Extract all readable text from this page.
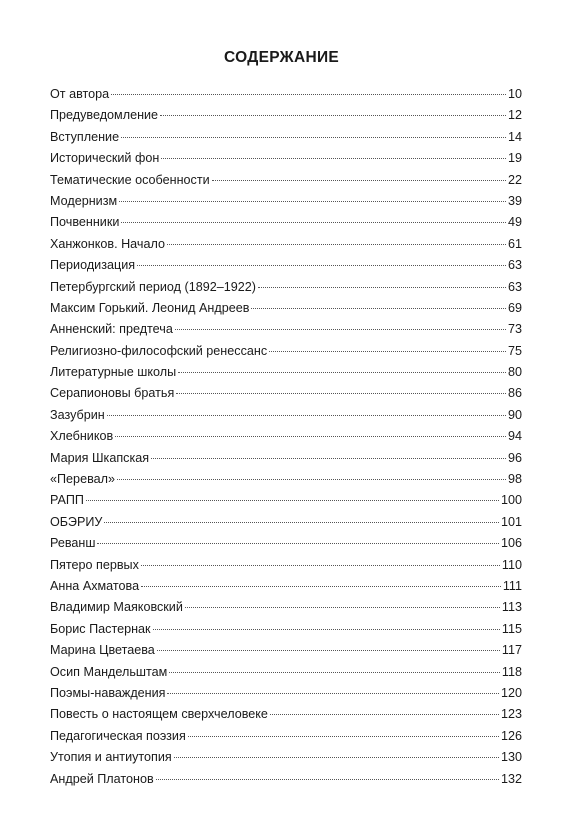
СОДЕРЖАНИЕ
От автора	10
Предуведомление	12
Вступление	14
Исторический фон	19
Тематические особенности	22
Модернизм	39
Почвенники	49
Ханжонков. Начало	61
Периодизация	63
Петербургский период (1892–1922)	63
Максим Горький. Леонид Андреев	69
Анненский: предтеча	73
Религиозно-философский ренессанс	75
Литературные школы	80
Серапионовы братья	86
Зазубрин	90
Хлебников	94
Мария Шкапская	96
«Перевал»	98
РАПП	100
ОБЭРИУ	101
Реванш	106
Пятеро первых	110
Анна Ахматова	111
Владимир Маяковский	113
Борис Пастернак	115
Марина Цветаева	117
Осип Мандельштам	118
Поэмы-наваждения	120
Повесть о настоящем сверхчеловеке	123
Педагогическая поэзия	126
Утопия и антиутопия	130
Андрей Платонов	132
